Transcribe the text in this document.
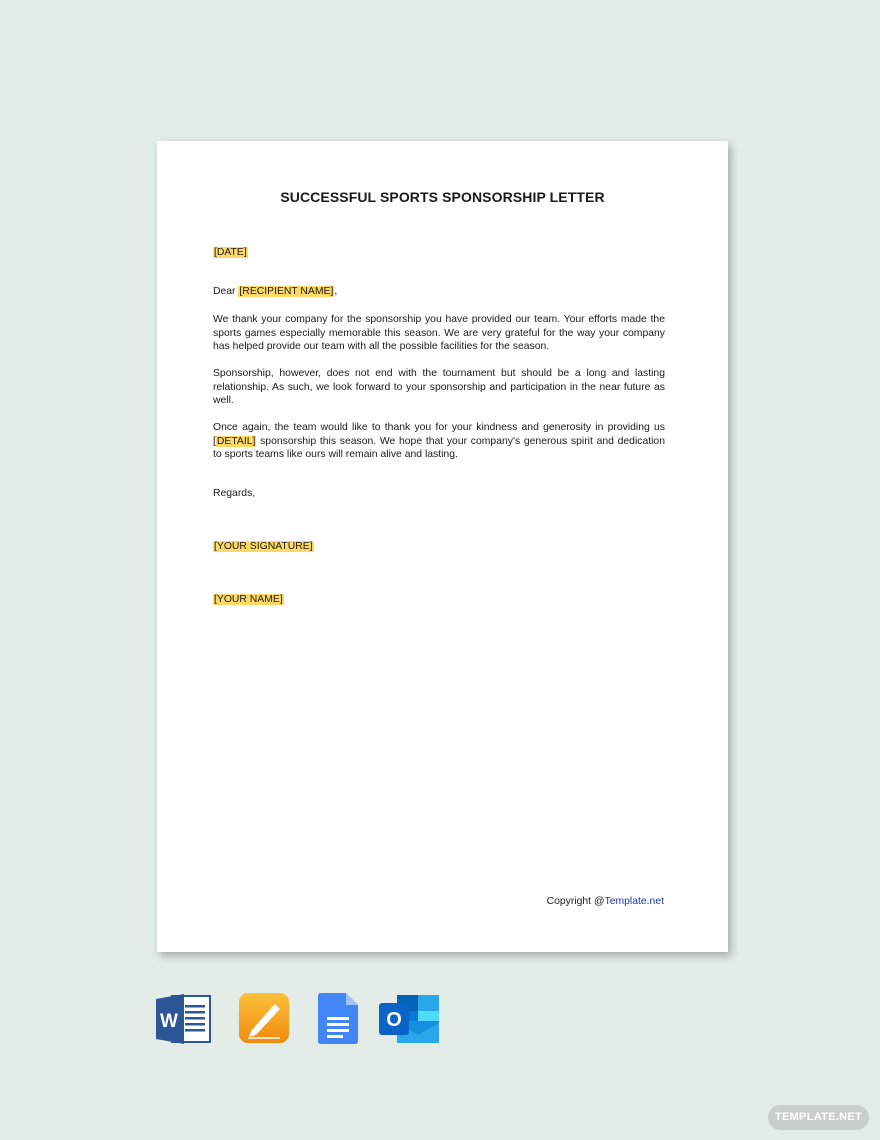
SUCCESSFUL SPORTS SPONSORSHIP LETTER
[DATE]
Dear [RECIPIENT NAME],
We thank your company for the sponsorship you have provided our team. Your efforts made the sports games especially memorable this season. We are very grateful for the way your company has helped provide our team with all the possible facilities for the season.
Sponsorship, however, does not end with the tournament but should be a long and lasting relationship. As such, we look forward to your sponsorship and participation in the near future as well.
Once again, the team would like to thank you for your kindness and generosity in providing us [DETAIL] sponsorship this season. We hope that your company's generous spirit and dedication to sports teams like ours will remain alive and lasting.
Regards,
[YOUR SIGNATURE]
[YOUR NAME]
Copyright @Template.net
W	O
TEMPLATE.NET
